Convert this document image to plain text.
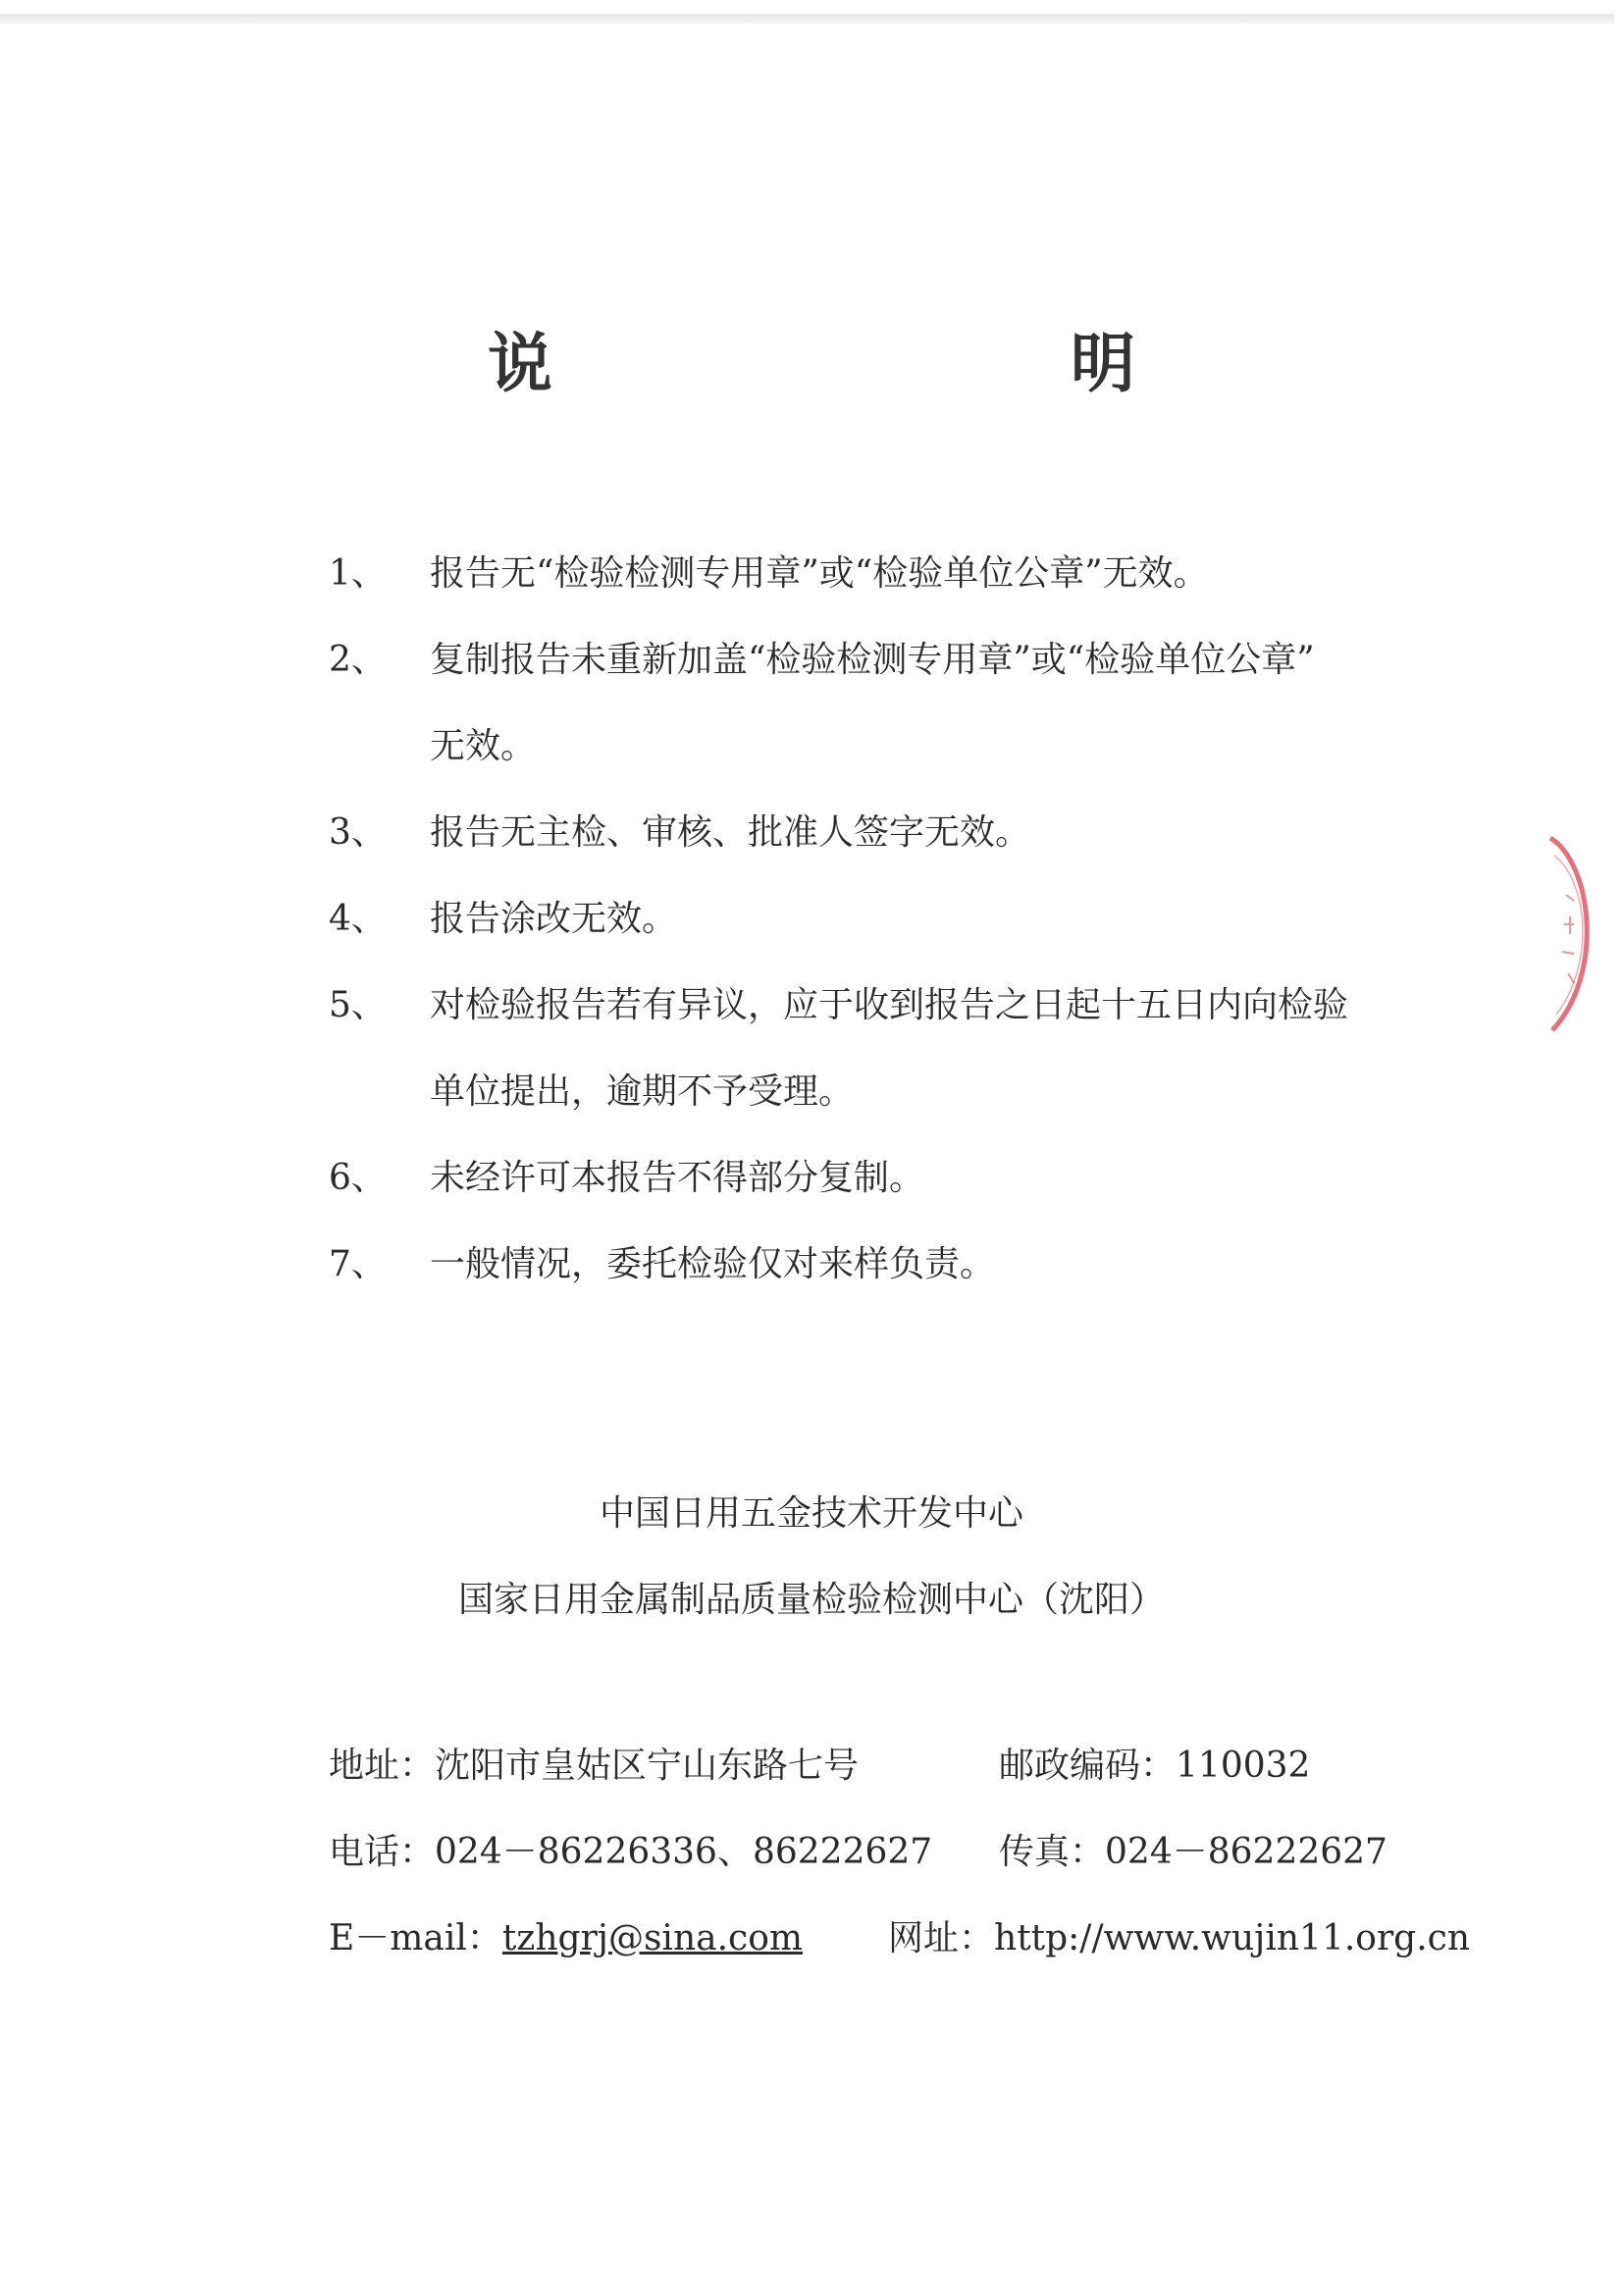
说　　明
1、 报告无“检验检测专用章”或“检验单位公章”无效。
2、 复制报告未重新加盖“检验检测专用章”或“检验单位公章”
无效。
3、 报告无主检、审核、批准人签字无效。
4、 报告涂改无效。
5、 对检验报告若有异议，应于收到报告之日起十五日内向检验
单位提出，逾期不予受理。
6、 未经许可本报告不得部分复制。
7、 一般情况，委托检验仅对来样负责。
中国日用五金技术开发中心
国家日用金属制品质量检验检测中心（沈阳）
地址：沈阳市皇姑区宁山东路七号	邮政编码：110032
电话：024－86226336、86222627 传真：024－86222627
E－mail：tzhgrj@sina.com 网址：http://www.wujin11.org.cn
